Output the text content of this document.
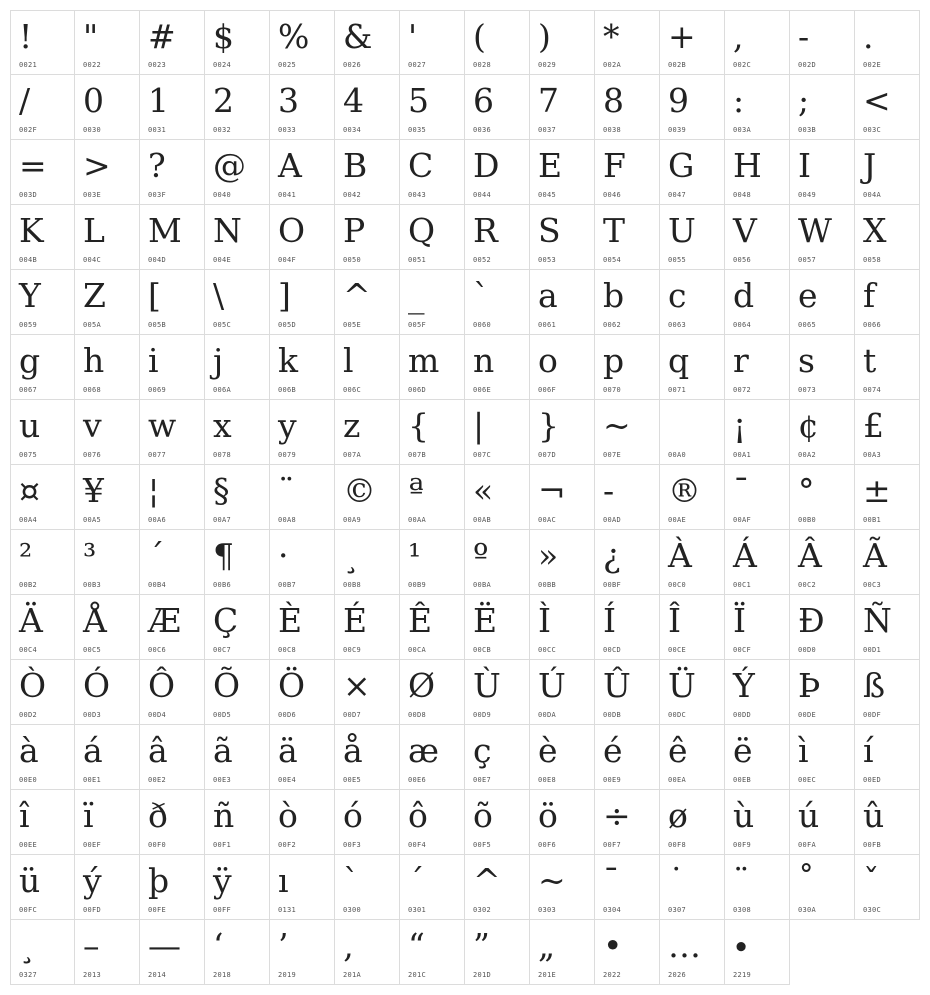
!
0021
"
0022
#
0023
$
0024
%
0025
&
0026
'
0027
(
0028
)
0029
*
002A
+
002B
,
002C
-
002D
.
002E
/
002F
0
0030
1
0031
2
0032
3
0033
4
0034
5
0035
6
0036
7
0037
8
0038
9
0039
:
003A
;
003B
<
003C
=
003D
>
003E
?
003F
@
0040
A
0041
B
0042
C
0043
D
0044
E
0045
F
0046
G
0047
H
0048
I
0049
J
004A
K
004B
L
004C
M
004D
N
004E
O
004F
P
0050
Q
0051
R
0052
S
0053
T
0054
U
0055
V
0056
W
0057
X
0058
Y
0059
Z
005A
[
005B
\
005C
]
005D
^
005E
_
005F
`
0060
a
0061
b
0062
c
0063
d
0064
e
0065
f
0066
g
0067
h
0068
i
0069
j
006A
k
006B
l
006C
m
006D
n
006E
o
006F
p
0070
q
0071
r
0072
s
0073
t
0074
u
0075
v
0076
w
0077
x
0078
y
0079
z
007A
{
007B
|
007C
}
007D
~
007E	00A0
¡
00A1
¢
00A2
£
00A3
¤
00A4
¥
00A5
¦
00A6
§
00A7
¨
00A8
©
00A9
ª
00AA
«
00AB
¬
00AC
-
00AD
®
00AE
¯
00AF
°
00B0
±
00B1
²
00B2
³
00B3
´
00B4
¶
00B6
·
00B7
¸
00B8
¹
00B9
º
00BA
»
00BB
¿
00BF
À
00C0
Á
00C1
Â
00C2
Ã
00C3
Ä
00C4
Å
00C5
Æ
00C6
Ç
00C7
È
00C8
É
00C9
Ê
00CA
Ë
00CB
Ì
00CC
Í
00CD
Î
00CE
Ï
00CF
Ð
00D0
Ñ
00D1
Ò
00D2
Ó
00D3
Ô
00D4
Õ
00D5
Ö
00D6
×
00D7
Ø
00D8
Ù
00D9
Ú
00DA
Û
00DB
Ü
00DC
Ý
00DD
Þ
00DE
ß
00DF
à
00E0
á
00E1
â
00E2
ã
00E3
ä
00E4
å
00E5
æ
00E6
ç
00E7
è
00E8
é
00E9
ê
00EA
ë
00EB
ì
00EC
í
00ED
î
00EE
ï
00EF
ð
00F0
ñ
00F1
ò
00F2
ó
00F3
ô
00F4
õ
00F5
ö
00F6
÷
00F7
ø
00F8
ù
00F9
ú
00FA
û
00FB
ü
00FC
ý
00FD
þ
00FE
ÿ
00FF
ı
0131
`
0300
´
0301
^
0302
~
0303
¯
0304
˙
0307
¨
0308
˚
030A
ˇ
030C
¸
0327
–
2013
—
2014
‘
2018
’
2019
‚
201A
“
201C
”
201D
„
201E
•
2022
…
2026
∙
2219
